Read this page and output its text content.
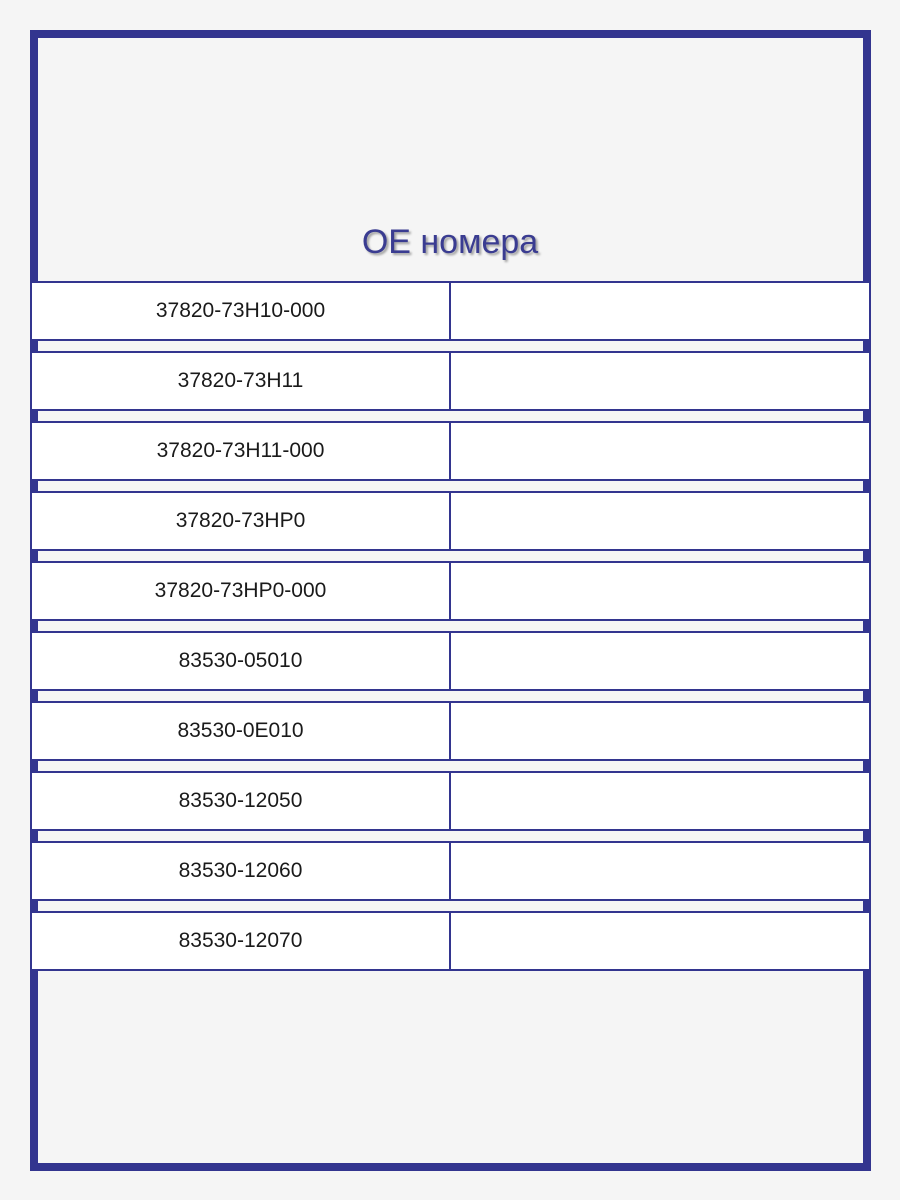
OE номера
37820-73H10-000
37820-73H11
37820-73H11-000
37820-73HP0
37820-73HP0-000
83530-05010
83530-0E010
83530-12050
83530-12060
83530-12070
